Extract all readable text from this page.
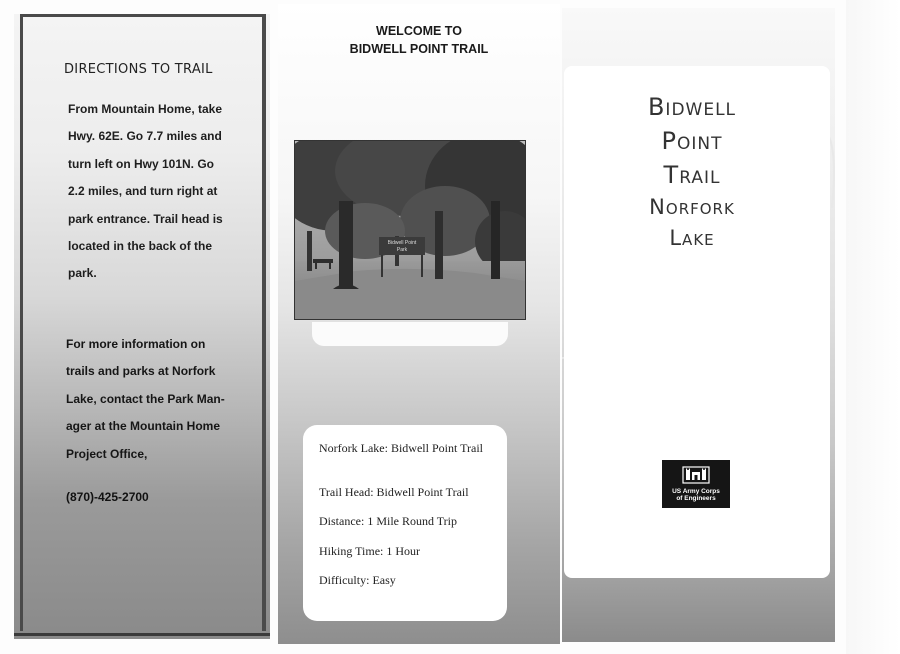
DIRECTIONS TO TRAIL
From Mountain Home, take
Hwy. 62E. Go 7.7 miles and
turn left on Hwy 101N. Go
2.2 miles, and turn right at
park entrance. Trail head is
located in the back of the
park.
For more information on
trails and parks at Norfork
Lake, contact the Park Man-
ager at the Mountain Home
Project Office,
(870)-425-2700
WELCOME TO
BIDWELL POINT TRAIL
Bidwell Point
Park
Norfork Lake: Bidwell Point Trail
Trail Head: Bidwell Point Trail
Distance: 1 Mile Round Trip
Hiking Time: 1 Hour
Difficulty: Easy
Bidwell
Point
Trail
Norfork
Lake
US Army Corps
of Engineers
